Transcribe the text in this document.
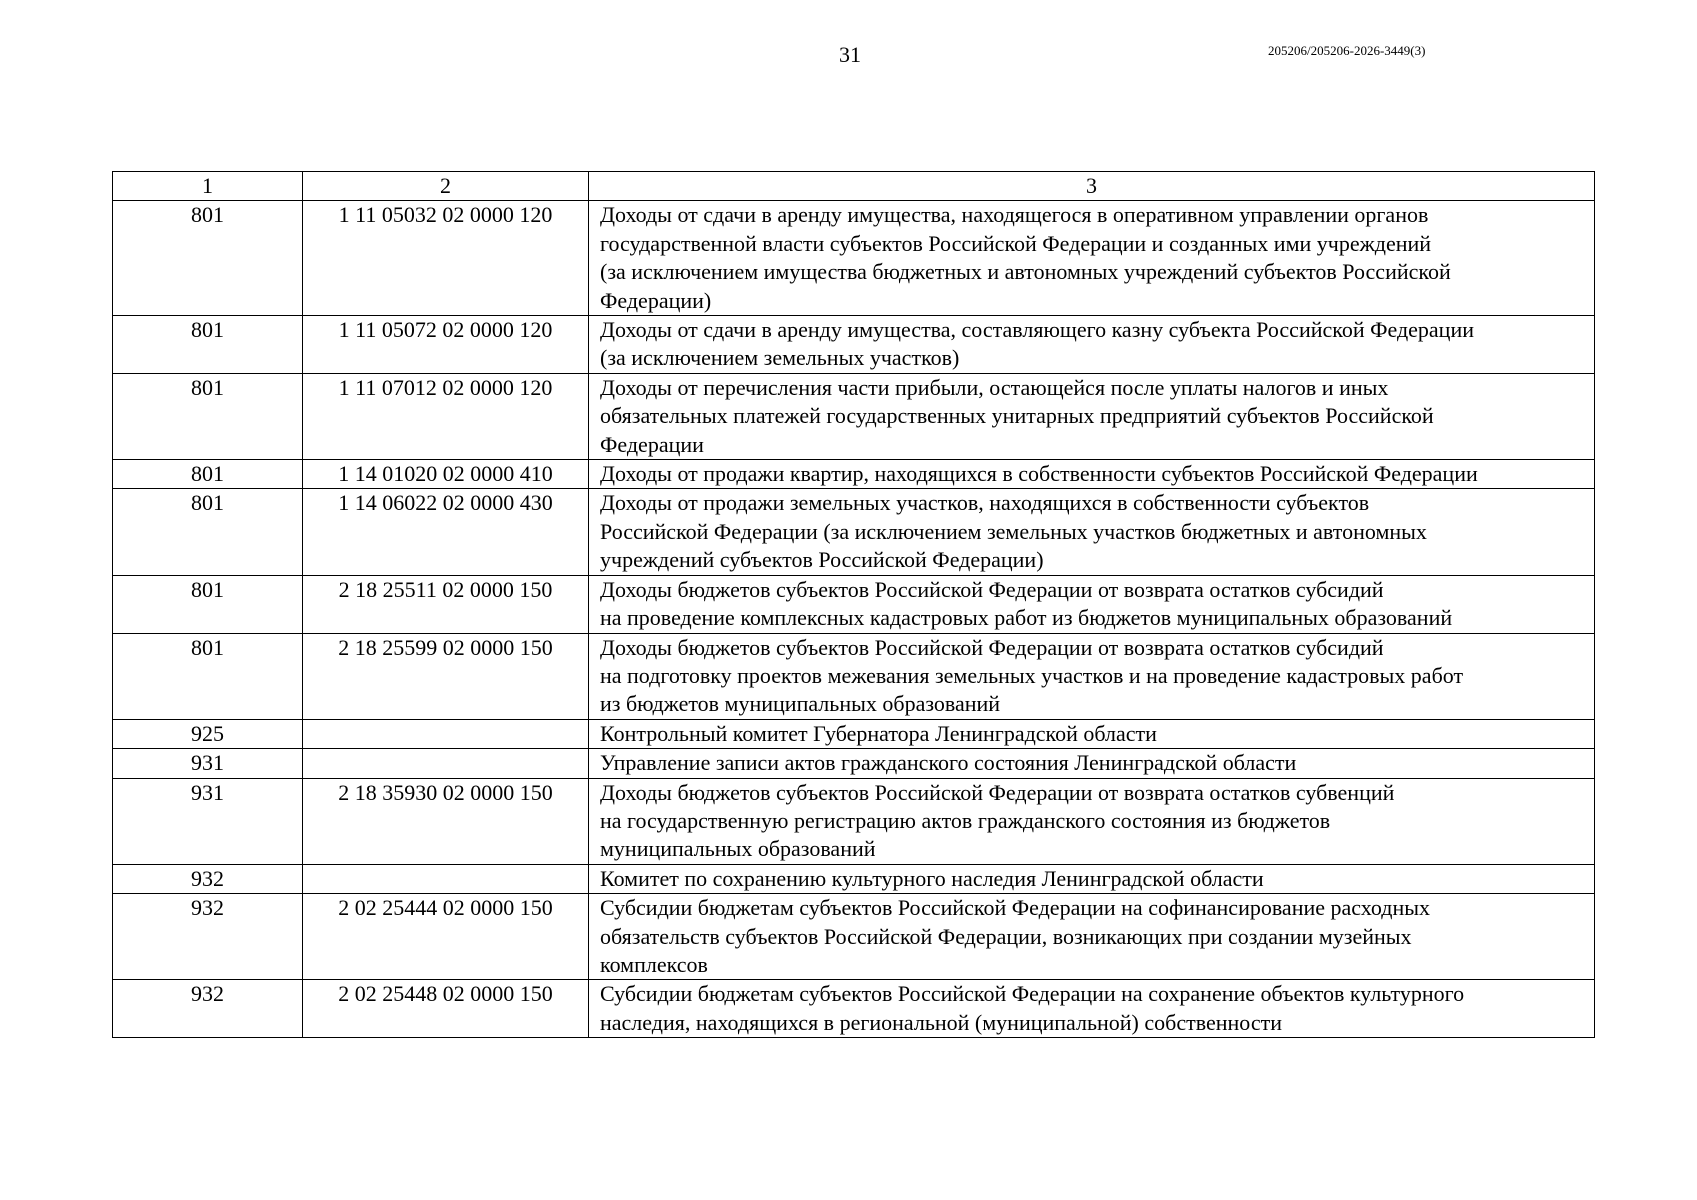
31	205206/205206-2026-3449(3)
1	2	3
801	1 11 05032 02 0000 120	Доходы от сдачи в аренду имущества, находящегося в оперативном управлении органов
государственной власти субъектов Российской Федерации и созданных ими учреждений
(за исключением имущества бюджетных и автономных учреждений субъектов Российской
Федерации)

801	1 11 05072 02 0000 120	Доходы от сдачи в аренду имущества, составляющего казну субъекта Российской Федерации
(за исключением земельных участков)

801	1 11 07012 02 0000 120	Доходы от перечисления части прибыли, остающейся после уплаты налогов и иных
обязательных платежей государственных унитарных предприятий субъектов Российской
Федерации

801	1 14 01020 02 0000 410	Доходы от продажи квартир, находящихся в собственности субъектов Российской Федерации

801	1 14 06022 02 0000 430	Доходы от продажи земельных участков, находящихся в собственности субъектов
Российской Федерации (за исключением земельных участков бюджетных и автономных
учреждений субъектов Российской Федерации)

801	2 18 25511 02 0000 150	Доходы бюджетов субъектов Российской Федерации от возврата остатков субсидий
на проведение комплексных кадастровых работ из бюджетов муниципальных образований

801	2 18 25599 02 0000 150	Доходы бюджетов субъектов Российской Федерации от возврата остатков субсидий
на подготовку проектов межевания земельных участков и на проведение кадастровых работ
из бюджетов муниципальных образований

925		Контрольный комитет Губернатора Ленинградской области

931		Управление записи актов гражданского состояния Ленинградской области

931	2 18 35930 02 0000 150	Доходы бюджетов субъектов Российской Федерации от возврата остатков субвенций
на государственную регистрацию актов гражданского состояния из бюджетов
муниципальных образований

932		Комитет по сохранению культурного наследия Ленинградской области

932	2 02 25444 02 0000 150	Субсидии бюджетам субъектов Российской Федерации на софинансирование расходных
обязательств субъектов Российской Федерации, возникающих при создании музейных
комплексов

932	2 02 25448 02 0000 150	Субсидии бюджетам субъектов Российской Федерации на сохранение объектов культурного
наследия, находящихся в региональной (муниципальной) собственности
